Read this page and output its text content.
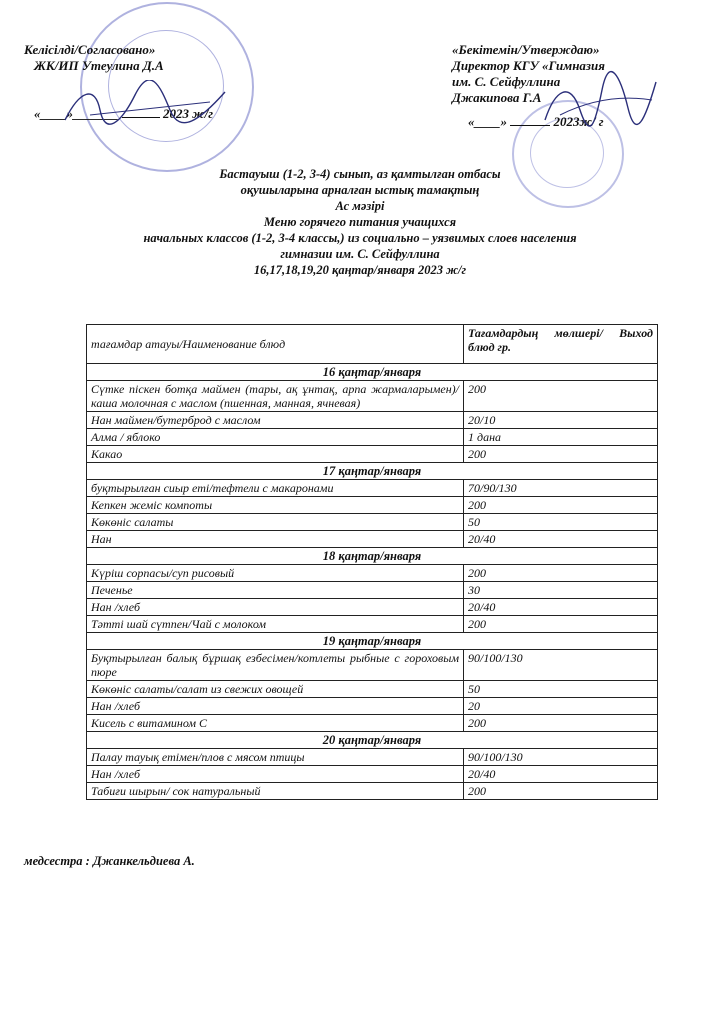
Келісілді/Согласовано»
ЖК/ИП Утеулина Д.А
«____»_______	2023 ж/г
«Бекітемін/Утверждаю»
Директор КГУ «Гимназия
им. С. Сейфуллина
Джакипова Г.А
«____»	2023ж/ г
Бастауыш (1-2, 3-4) сынып, аз қамтылған отбасы
оқушыларына арналған ыстық тамақтың
Ас мәзірі
Меню горячего питания учащихся
начальных классов (1-2, 3-4 классы,) из социально – уязвимых слоев населения
гимназии им. С. Сейфуллина
16,17,18,19,20 қаңтар/января 2023 ж/г
тағамдар атауы/Наименование блюд	Тағамдардың мөлшері/ Выход блюд гр.
16 қаңтар/января	
Сүтке піскен ботқа маймен (тары, ақ ұнтақ, арпа жармаларымен)/ каша молочная с маслом (пшенная, манная, ячневая)	200
Нан маймен/бутерброд с маслом	20/10
Алма / яблоко	1 дана
Какао	200
17 қаңтар/января	
буқтырылған сиыр еті/тефтели с макаронами	70/90/130
Кепкен жеміс компоты	200
Көкөніс салаты	50
Нан	20/40
18 қаңтар/января	
Күріш сорпасы/суп рисовый	200
Печенье	30
Нан /хлеб	20/40
Тәтті шай сүтпен/Чай с молоком	200
19 қаңтар/января	
Буқтырылған балық бұршақ езбесімен/котлеты рыбные с гороховым пюре	90/100/130
Көкөніс салаты/салат из свежих овощей	50
Нан /хлеб	20
Кисель с витамином С	200
20 қаңтар/января	
Палау тауық етімен/плов с мясом птицы	90/100/130
Нан /хлеб	20/40
Табиғи шырын/ сок натуральный	200
медсестра : Джанкельдиева А.
